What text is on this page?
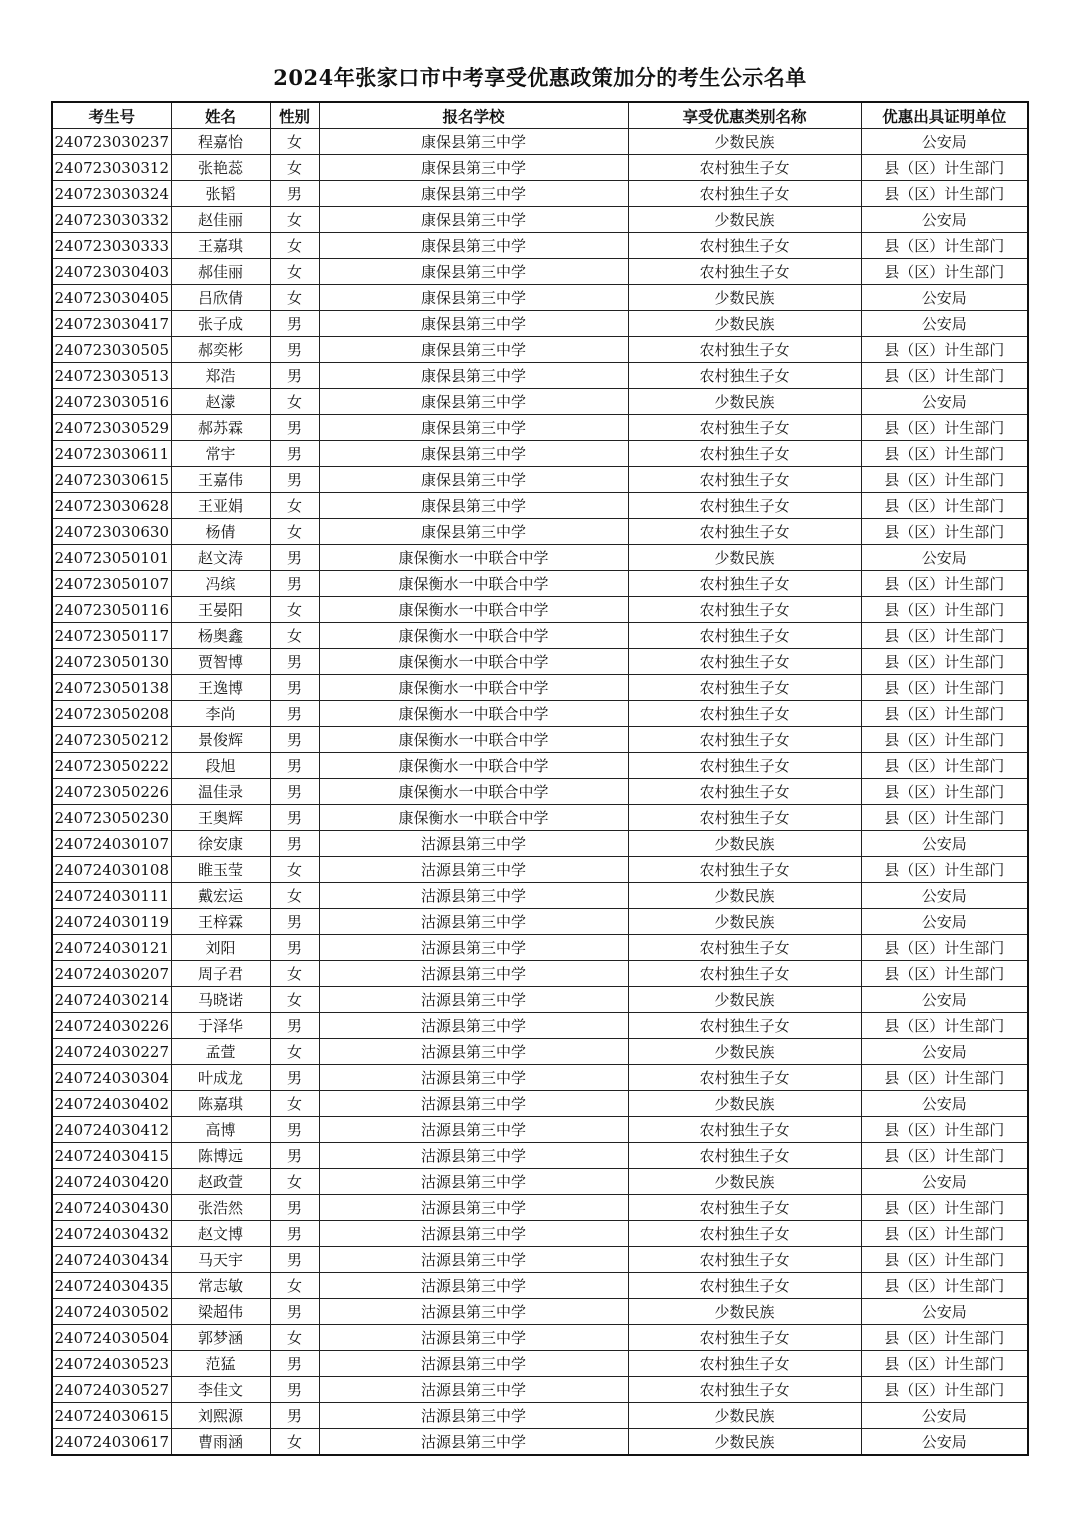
2024年张家口市中考享受优惠政策加分的考生公示名单
考生号	姓名	性别	报名学校	享受优惠类别名称	优惠出具证明单位
240723030237	程嘉怡	女	康保县第三中学	少数民族	公安局
240723030312	张艳蕊	女	康保县第三中学	农村独生子女	县（区）计生部门
240723030324	张韬	男	康保县第三中学	农村独生子女	县（区）计生部门
240723030332	赵佳丽	女	康保县第三中学	少数民族	公安局
240723030333	王嘉琪	女	康保县第三中学	农村独生子女	县（区）计生部门
240723030403	郝佳丽	女	康保县第三中学	农村独生子女	县（区）计生部门
240723030405	吕欣倩	女	康保县第三中学	少数民族	公安局
240723030417	张子成	男	康保县第三中学	少数民族	公安局
240723030505	郝奕彬	男	康保县第三中学	农村独生子女	县（区）计生部门
240723030513	郑浩	男	康保县第三中学	农村独生子女	县（区）计生部门
240723030516	赵濛	女	康保县第三中学	少数民族	公安局
240723030529	郝苏霖	男	康保县第三中学	农村独生子女	县（区）计生部门
240723030611	常宇	男	康保县第三中学	农村独生子女	县（区）计生部门
240723030615	王嘉伟	男	康保县第三中学	农村独生子女	县（区）计生部门
240723030628	王亚娟	女	康保县第三中学	农村独生子女	县（区）计生部门
240723030630	杨倩	女	康保县第三中学	农村独生子女	县（区）计生部门
240723050101	赵文涛	男	康保衡水一中联合中学	少数民族	公安局
240723050107	冯缤	男	康保衡水一中联合中学	农村独生子女	县（区）计生部门
240723050116	王晏阳	女	康保衡水一中联合中学	农村独生子女	县（区）计生部门
240723050117	杨奥鑫	女	康保衡水一中联合中学	农村独生子女	县（区）计生部门
240723050130	贾智博	男	康保衡水一中联合中学	农村独生子女	县（区）计生部门
240723050138	王逸博	男	康保衡水一中联合中学	农村独生子女	县（区）计生部门
240723050208	李尚	男	康保衡水一中联合中学	农村独生子女	县（区）计生部门
240723050212	景俊辉	男	康保衡水一中联合中学	农村独生子女	县（区）计生部门
240723050222	段旭	男	康保衡水一中联合中学	农村独生子女	县（区）计生部门
240723050226	温佳录	男	康保衡水一中联合中学	农村独生子女	县（区）计生部门
240723050230	王奥辉	男	康保衡水一中联合中学	农村独生子女	县（区）计生部门
240724030107	徐安康	男	沽源县第三中学	少数民族	公安局
240724030108	睢玉莹	女	沽源县第三中学	农村独生子女	县（区）计生部门
240724030111	戴宏运	女	沽源县第三中学	少数民族	公安局
240724030119	王梓霖	男	沽源县第三中学	少数民族	公安局
240724030121	刘阳	男	沽源县第三中学	农村独生子女	县（区）计生部门
240724030207	周子君	女	沽源县第三中学	农村独生子女	县（区）计生部门
240724030214	马晓诺	女	沽源县第三中学	少数民族	公安局
240724030226	于泽华	男	沽源县第三中学	农村独生子女	县（区）计生部门
240724030227	孟萱	女	沽源县第三中学	少数民族	公安局
240724030304	叶成龙	男	沽源县第三中学	农村独生子女	县（区）计生部门
240724030402	陈嘉琪	女	沽源县第三中学	少数民族	公安局
240724030412	高博	男	沽源县第三中学	农村独生子女	县（区）计生部门
240724030415	陈博远	男	沽源县第三中学	农村独生子女	县（区）计生部门
240724030420	赵政萱	女	沽源县第三中学	少数民族	公安局
240724030430	张浩然	男	沽源县第三中学	农村独生子女	县（区）计生部门
240724030432	赵文博	男	沽源县第三中学	农村独生子女	县（区）计生部门
240724030434	马天宇	男	沽源县第三中学	农村独生子女	县（区）计生部门
240724030435	常志敏	女	沽源县第三中学	农村独生子女	县（区）计生部门
240724030502	梁超伟	男	沽源县第三中学	少数民族	公安局
240724030504	郭梦涵	女	沽源县第三中学	农村独生子女	县（区）计生部门
240724030523	范猛	男	沽源县第三中学	农村独生子女	县（区）计生部门
240724030527	李佳文	男	沽源县第三中学	农村独生子女	县（区）计生部门
240724030615	刘熙源	男	沽源县第三中学	少数民族	公安局
240724030617	曹雨涵	女	沽源县第三中学	少数民族	公安局
